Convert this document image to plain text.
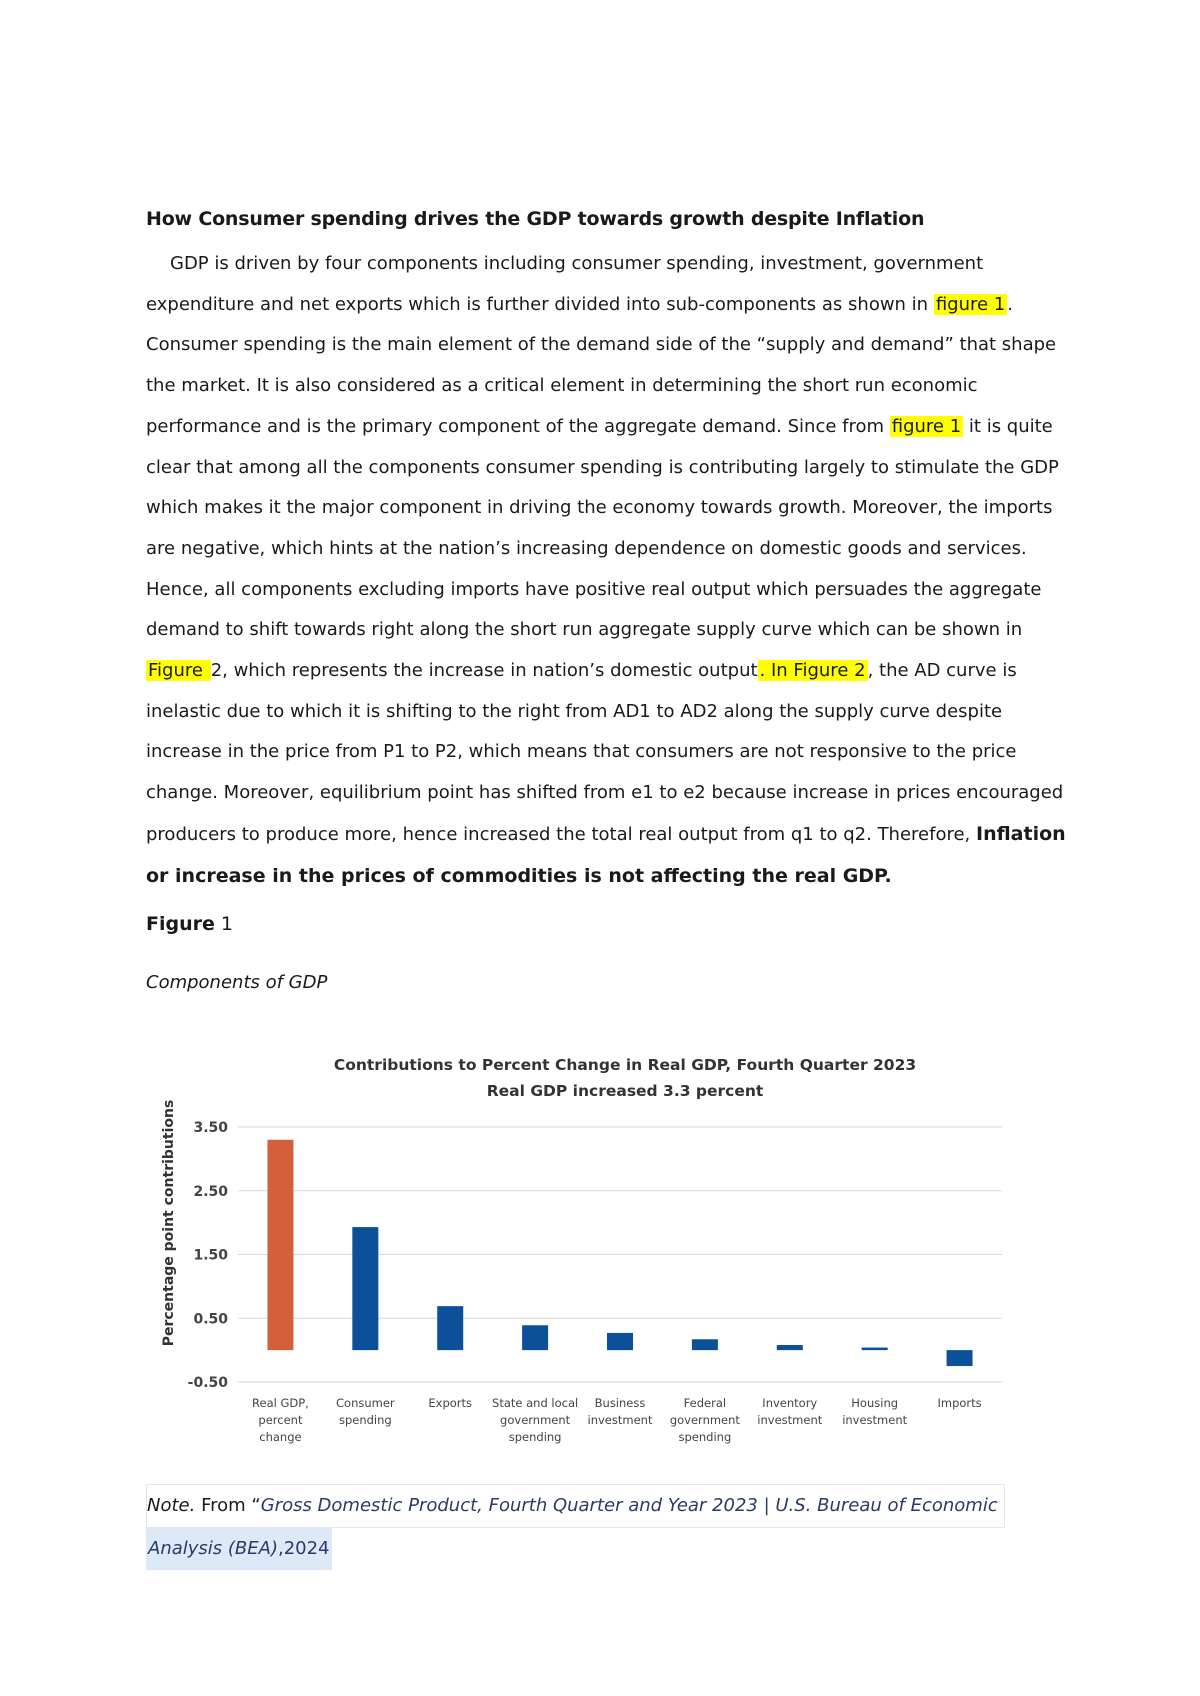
How Consumer spending drives the GDP towards growth despite Inflation

GDP is driven by four components including consumer spending, investment, government expenditure and net exports which is further divided into sub-components as shown in figure 1 . Consumer spending is the main element of the demand side of the “supply and demand” that shape the market. It is also considered as a critical element in determining the short run economic performance and is the primary component of the aggregate demand. Since from figure 1 it is quite clear that among all the components consumer spending is contributing largely to stimulate the GDP which makes it the major component in driving the economy towards growth. Moreover, the imports are negative, which hints at the nation’s increasing dependence on domestic goods and services. Hence, all components excluding imports have positive real output which persuades the aggregate demand to shift towards right along the short run aggregate supply curve which can be shown in Figure 2, which represents the increase in nation’s domestic output . In Figure 2 , the AD curve is inelastic due to which it is shifting to the right from AD1 to AD2 along the supply curve despite increase in the price from P1 to P2, which means that consumers are not responsive to the price change. Moreover, equilibrium point has shifted from e1 to e2 because increase in prices encouraged producers to produce more, hence increased the total real output from q1 to q2. Therefore, Inflation or increase in the prices of commodities is not affecting the real GDP.

Figure 1
Components of GDP
Contributions to Percent Change in Real GDP, Fourth Quarter 2023
Real GDP increased 3.3 percent
Percentage point contributions 3.50
2.50
1.50
0.50
-0.50
Real GDP,
percent
change
Consumer
spending
Exports State and local
government
spending
Business
investment
Federal
government
spending
Inventory
investment
Housing
investment
Imports
Note. From “Gross Domestic Product, Fourth Quarter and Year 2023 | U.S. Bureau of Economic
Analysis (BEA),2024
